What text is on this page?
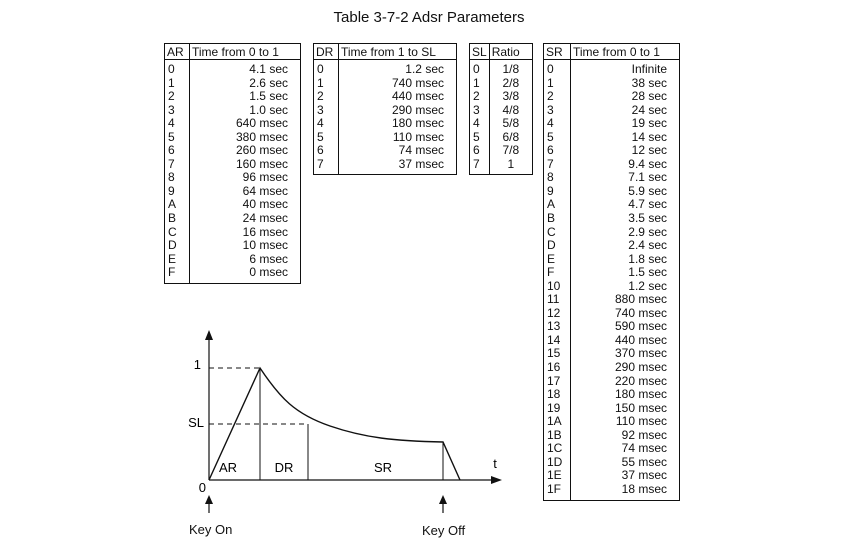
Table 3-7-2 Adsr Parameters
AR	Time from 0 to 1
0	4.1 sec
1	2.6 sec
2	1.5 sec
3	1.0 sec
4	640 msec
5	380 msec
6	260 msec
7	160 msec
8	96 msec
9	64 msec
A	40 msec
B	24 msec
C	16 msec
D	10 msec
E	6 msec
F	0 msec
DR	Time from 1 to SL
0	1.2 sec
1	740 msec
2	440 msec
3	290 msec
4	180 msec
5	110 msec
6	74 msec
7	37 msec
SL	Ratio
0	1/8
1	2/8
2	3/8
3	4/8
4	5/8
5	6/8
6	7/8
7	1
SR	Time from 0 to 1
0	Infinite
1	38 sec
2	28 sec
3	24 sec
4	19 sec
5	14 sec
6	12 sec
7	9.4 sec
8	7.1 sec
9	5.9 sec
A	4.7 sec
B	3.5 sec
C	2.9 sec
D	2.4 sec
E	1.8 sec
F	1.5 sec
10	1.2 sec
11	880 msec
12	740 msec
13	590 msec
14	440 msec
15	370 msec
16	290 msec
17	220 msec
18	180 msec
19	150 msec
1A	110 msec
1B	92 msec
1C	74 msec
1D	55 msec
1E	37 msec
1F	18 msec
1
SL
0
t
AR	DR	SR
Key On	Key Off
